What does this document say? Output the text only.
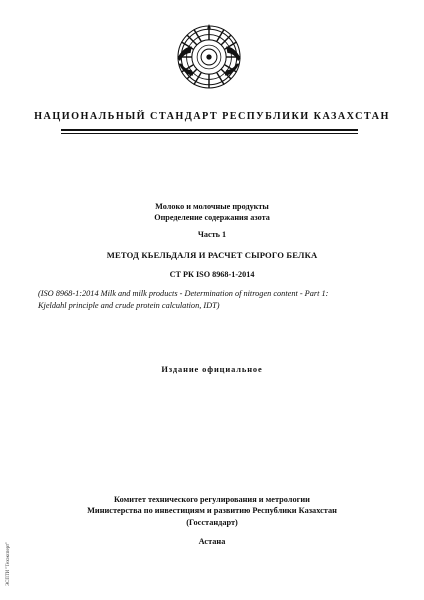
НАЦИОНАЛЬНЫЙ СТАНДАРТ РЕСПУБЛИКИ КАЗАХСТАН
Молоко и молочные продукты
Определение содержания азота
Часть 1
МЕТОД КЬЕЛЬДАЛЯ И РАСЧЕТ СЫРОГО БЕЛКА
СТ РК ISO 8968-1-2014
(ISO 8968-1:2014 Milk and milk products - Determination of nitrogen content - Part 1:
Kjeldahl principle and crude protein calculation, IDT)
Издание официальное
Комитет технического регулирования и метрологии
Министерства по инвестициям и развитию Республики Казахстан
(Госстандарт)
Астана
ЭСПТИ "Техэксперт"
